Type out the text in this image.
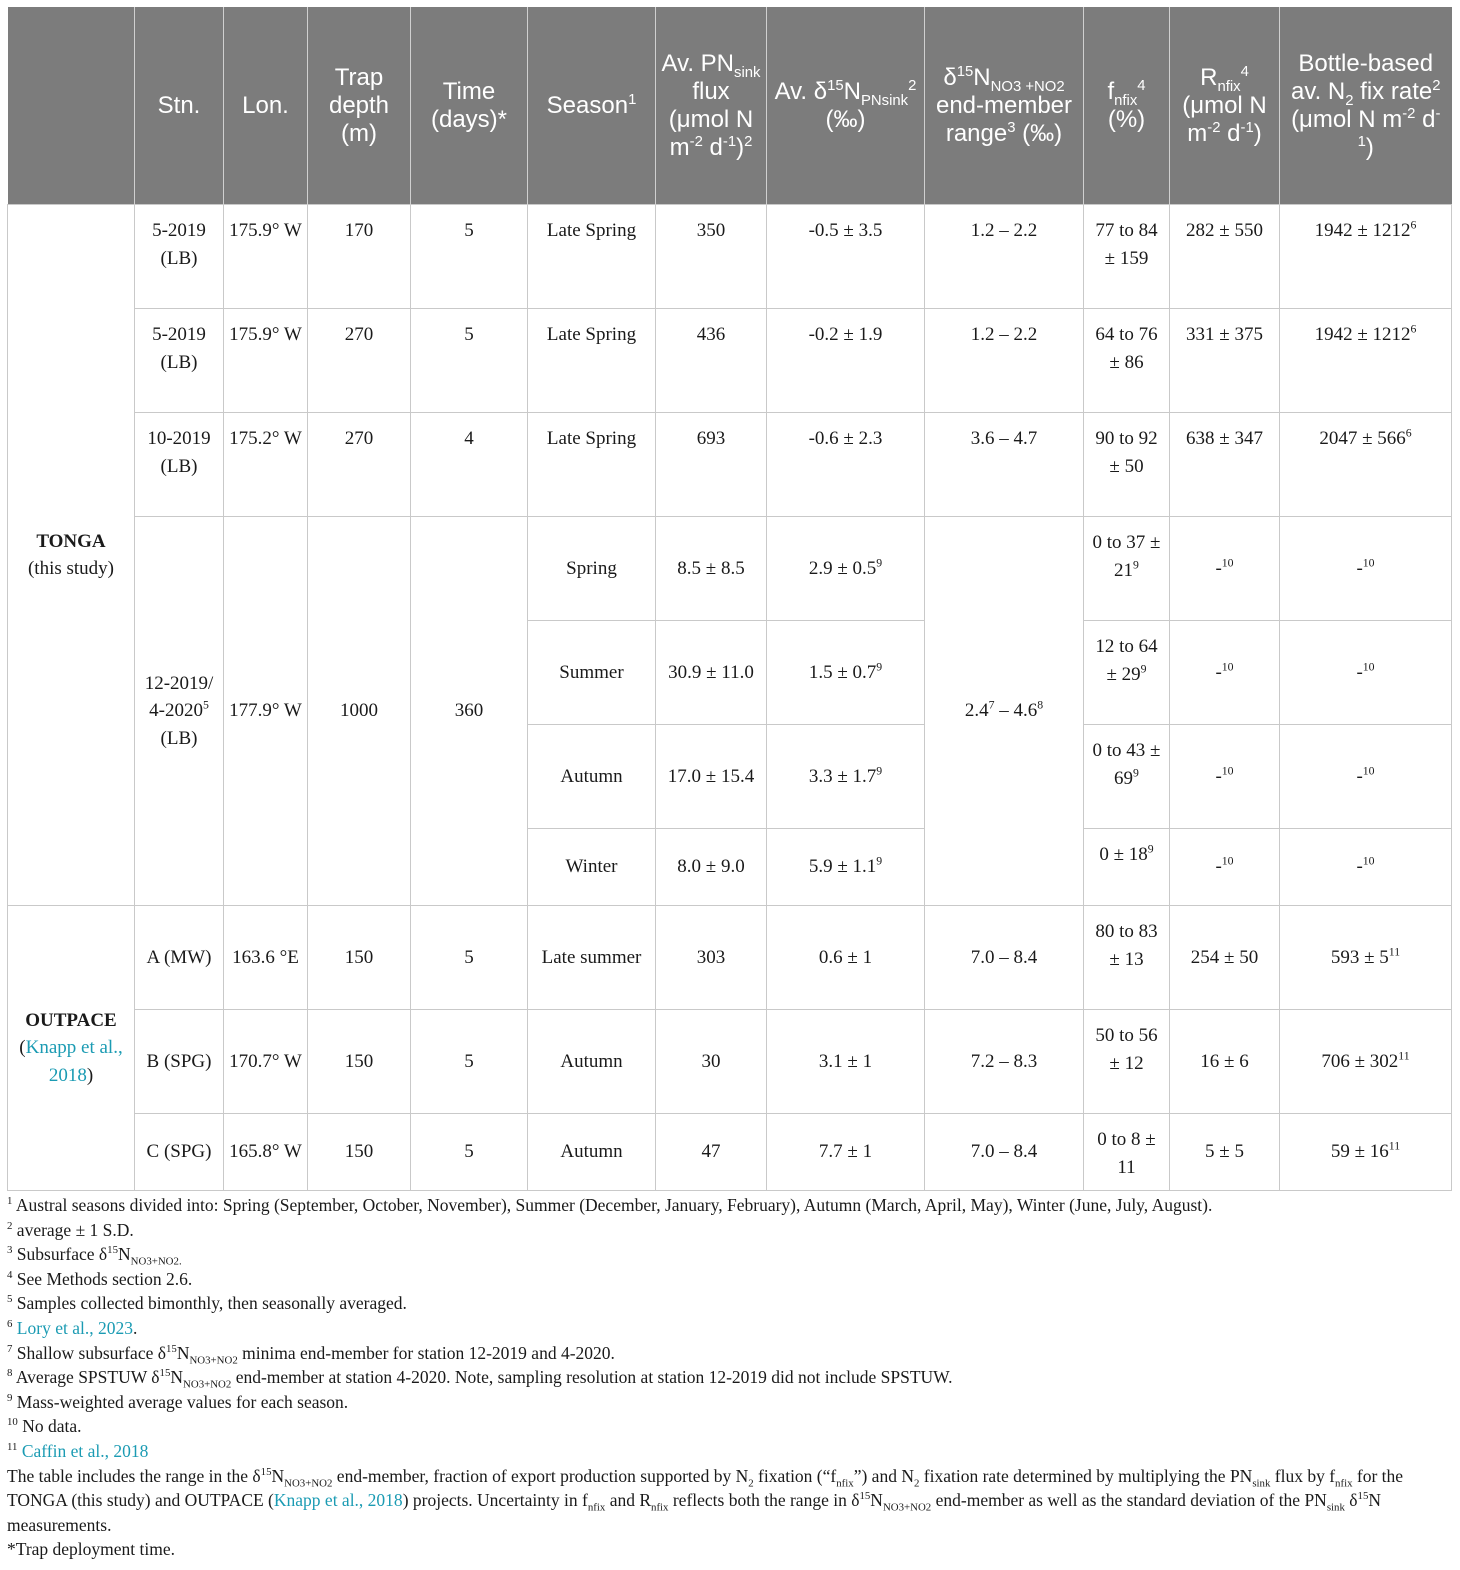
	Stn.	Lon.	Trap depth (m)	Time (days)*	Season$^1$	Av. $PN_{sink}$ flux (μmol N $m^{-2}$ $d^{-1})^2$	Av. $\delta^{15}N_{PNsink}^2$ (‰)	$\delta^{15}N_{NO3 +NO2}$ end-member range$^3$ (‰)	$f_{nfix}^4$ (%)	$R_{nfix}^4$ (μmol N $m^{-2}$ $d^{-1}$)	Bottle-based av. $N_2$ fix rate$^2$ (μmol N $m^{-2}$ $d^{-1}$)
TONGA
(this study)	5-2019 (LB)	175.9° W	170	5	Late Spring	350	-0.5 ± 3.5	1.2 – 2.2	77 to 84 ± 159	282 ± 550	$1942 \pm 1212^6$
	5-2019 (LB)	175.9° W	270	5	Late Spring	436	-0.2 ± 1.9	1.2 – 2.2	64 to 76 ± 86	331 ± 375	$1942 \pm 1212^6$
	10-2019 (LB)	175.2° W	270	4	Late Spring	693	-0.6 ± 2.3	3.6 – 4.7	90 to 92 ± 50	638 ± 347	$2047 \pm 566^6$
	12-2019/ 4-2020$^5$ (LB)	177.9° W	1000	360	Spring	8.5 ± 8.5	$2.9 \pm 0.5^9$	$2.4^7 - 4.6^8$	0 to $37 \pm 21^9$	-$^{10}$	-$^{10}$
					Summer	30.9 ± 11.0	$1.5 \pm 0.7^9$		12 to $64 \pm 29^9$	-$^{10}$	-$^{10}$
					Autumn	17.0 ± 15.4	$3.3 \pm 1.7^9$		0 to $43 \pm 69^9$	-$^{10}$	-$^{10}$
					Winter	8.0 ± 9.0	$5.9 \pm 1.1^9$		$0 \pm 18^9$	-$^{10}$	-$^{10}$
OUTPACE
(Knapp et al., 2018)	A (MW)	163.6 °E	150	5	Late summer	303	0.6 ± 1	7.0 – 8.4	80 to 83 ± 13	254 ± 50	$593 \pm 5^{11}$
	B (SPG)	170.7° W	150	5	Autumn	30	3.1 ± 1	7.2 – 8.3	50 to 56 ± 12	16 ± 6	$706 \pm 302^{11}$
	C (SPG)	165.8° W	150	5	Autumn	47	7.7 ± 1	7.0 – 8.4	0 to 8 ± 11	5 ± 5	$59 \pm 16^{11}$
$^1$ Austral seasons divided into: Spring (September, October, November), Summer (December, January, February), Autumn (March, April, May), Winter (June, July, August).
$^2$ average ± 1 S.D.
$^3$ Subsurface $\delta^{15}N_{NO3+NO2.}$
$^4$ See Methods section 2.6.
$^5$ Samples collected bimonthly, then seasonally averaged.
$^6$ Lory et al., 2023.
$^7$ Shallow subsurface $\delta^{15}N_{NO3+NO2}$ minima end-member for station 12-2019 and 4-2020.
$^8$ Average SPSTUW $\delta^{15}N_{NO3+NO2}$ end-member at station 4-2020. Note, sampling resolution at station 12-2019 did not include SPSTUW.
$^9$ Mass-weighted average values for each season.
$^{10}$ No data.
$^{11}$ Caffin et al., 2018
The table includes the range in the $\delta^{15}N_{NO3+NO2}$ end-member, fraction of export production supported by $N_2$ fixation $(“f_{nfix}”)$ and $N_2$ fixation rate determined by multiplying the $PN_{sink}$ flux by $f_{nfix}$ for the TONGA (this study) and OUTPACE (Knapp et al., 2018) projects. Uncertainty in $f_{nfix}$ and $R_{nfix}$ reflects both the range in $\delta^{15}N_{NO3+NO2}$ end-member as well as the standard deviation of the $PN_{sink}$ $\delta^{15}N$ measurements.
*Trap deployment time.
